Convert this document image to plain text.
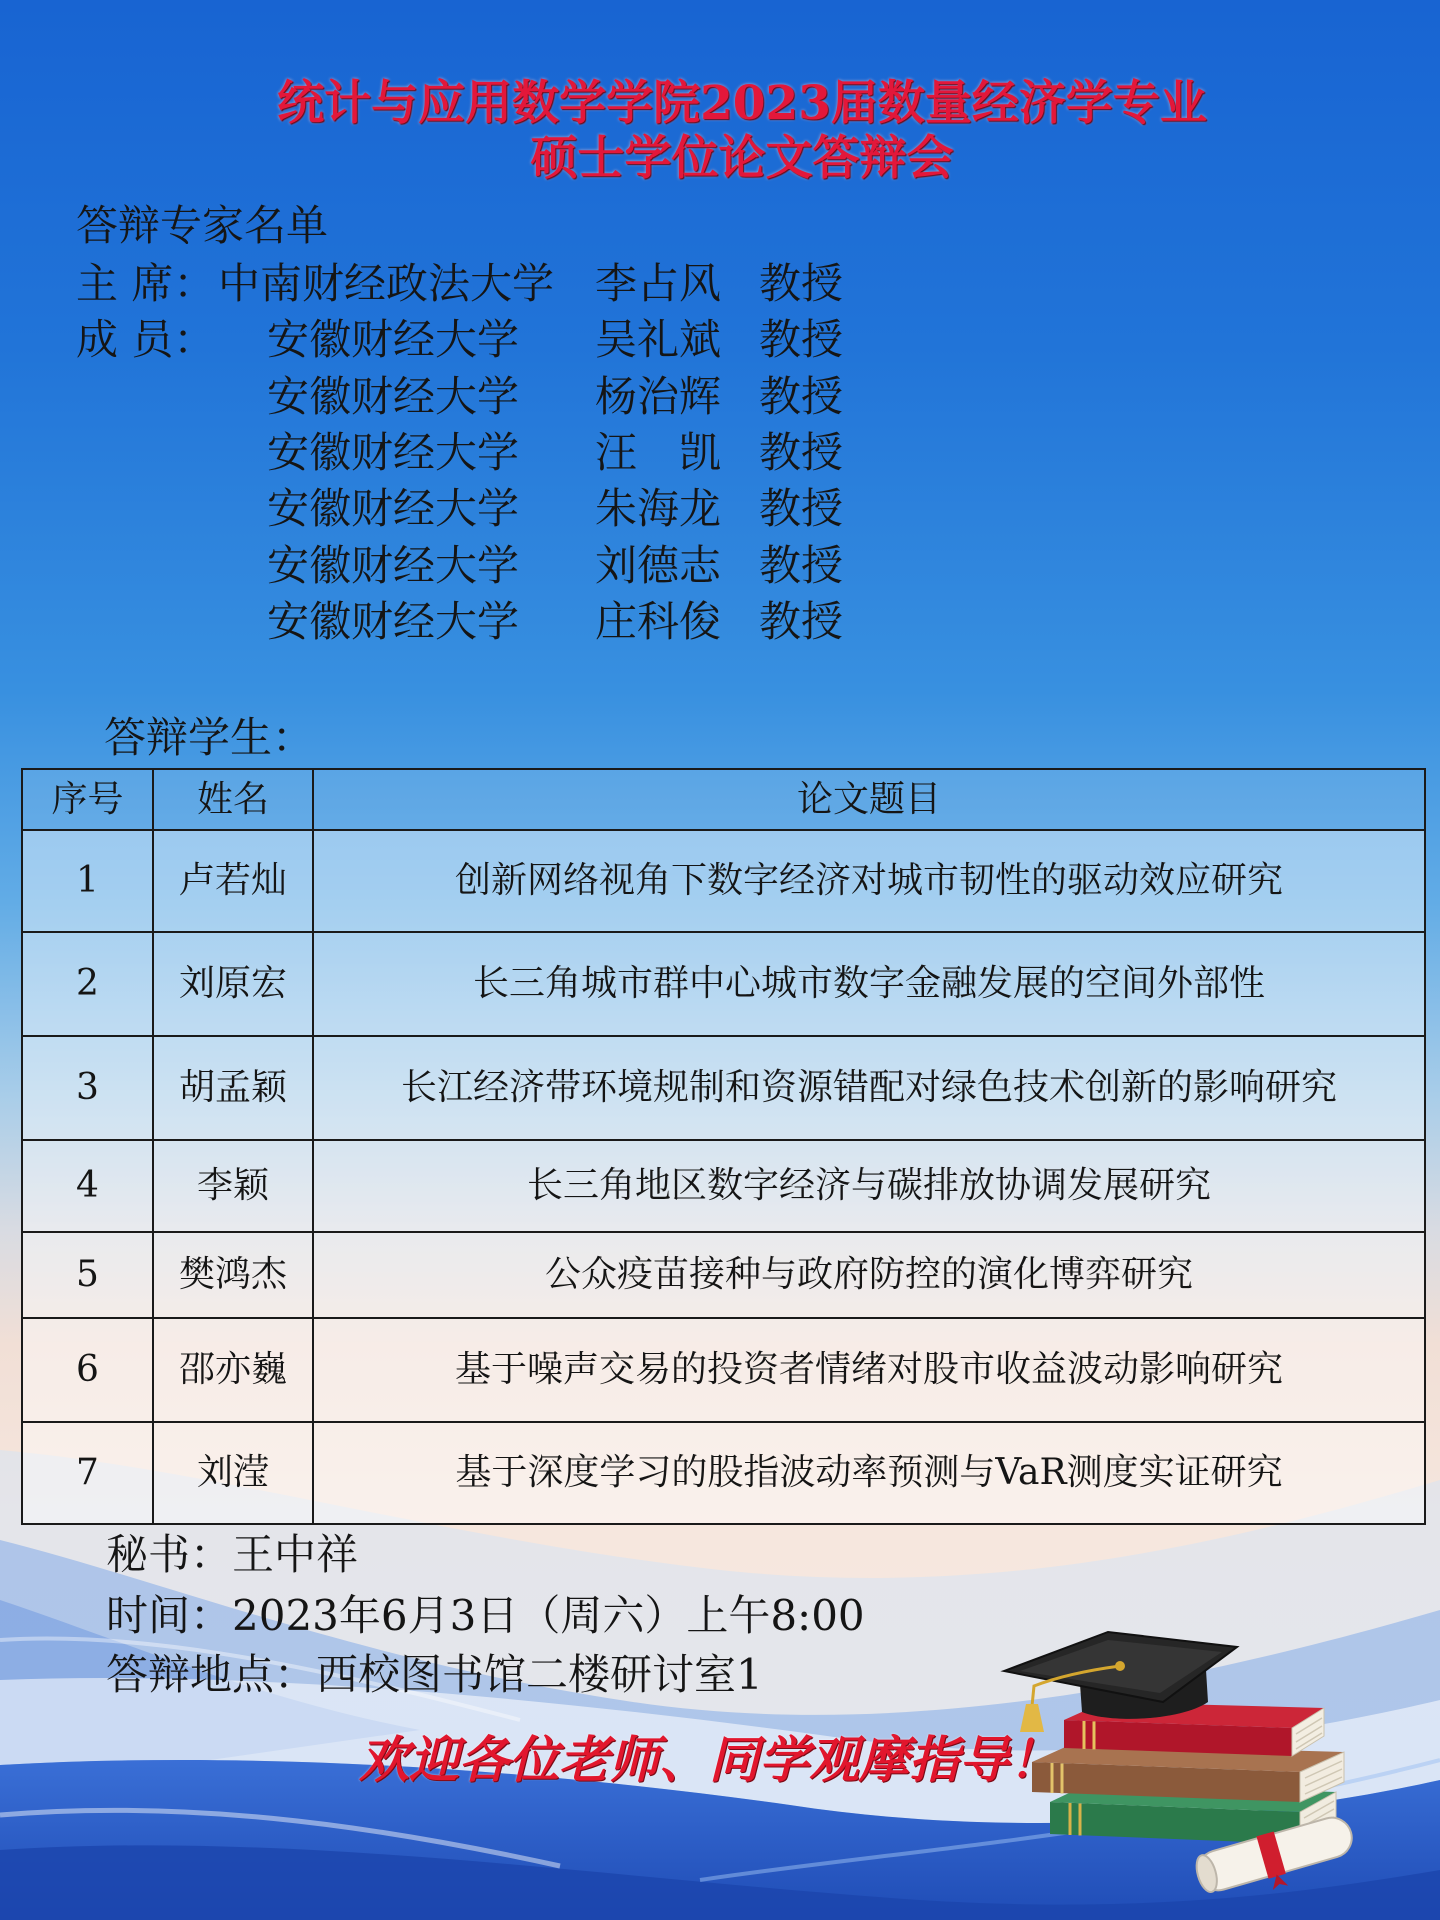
统计与应用数学学院2023届数量经济学专业
硕士学位论文答辩会
答辩专家名单
主 席： 中南财经政法大学 李占风 教授
成 员： 安徽财经大学 吴礼斌 教授
安徽财经大学 杨治辉 教授
安徽财经大学 汪　凯 教授
安徽财经大学 朱海龙 教授
安徽财经大学 刘德志 教授
安徽财经大学 庄科俊 教授
答辩学生：
序号	姓名	论文题目
1	卢若灿	创新网络视角下数字经济对城市韧性的驱动效应研究
2	刘原宏	长三角城市群中心城市数字金融发展的空间外部性
3	胡孟颖	长江经济带环境规制和资源错配对绿色技术创新的影响研究
4	李颖	长三角地区数字经济与碳排放协调发展研究
5	樊鸿杰	公众疫苗接种与政府防控的演化博弈研究
6	邵亦巍	基于噪声交易的投资者情绪对股市收益波动影响研究
7	刘滢	基于深度学习的股指波动率预测与VaR测度实证研究
秘书：王中祥
时间：2023年6月3日（周六）上午8:00
答辩地点：西校图书馆二楼研讨室1
欢迎各位老师、同学观摩指导！
